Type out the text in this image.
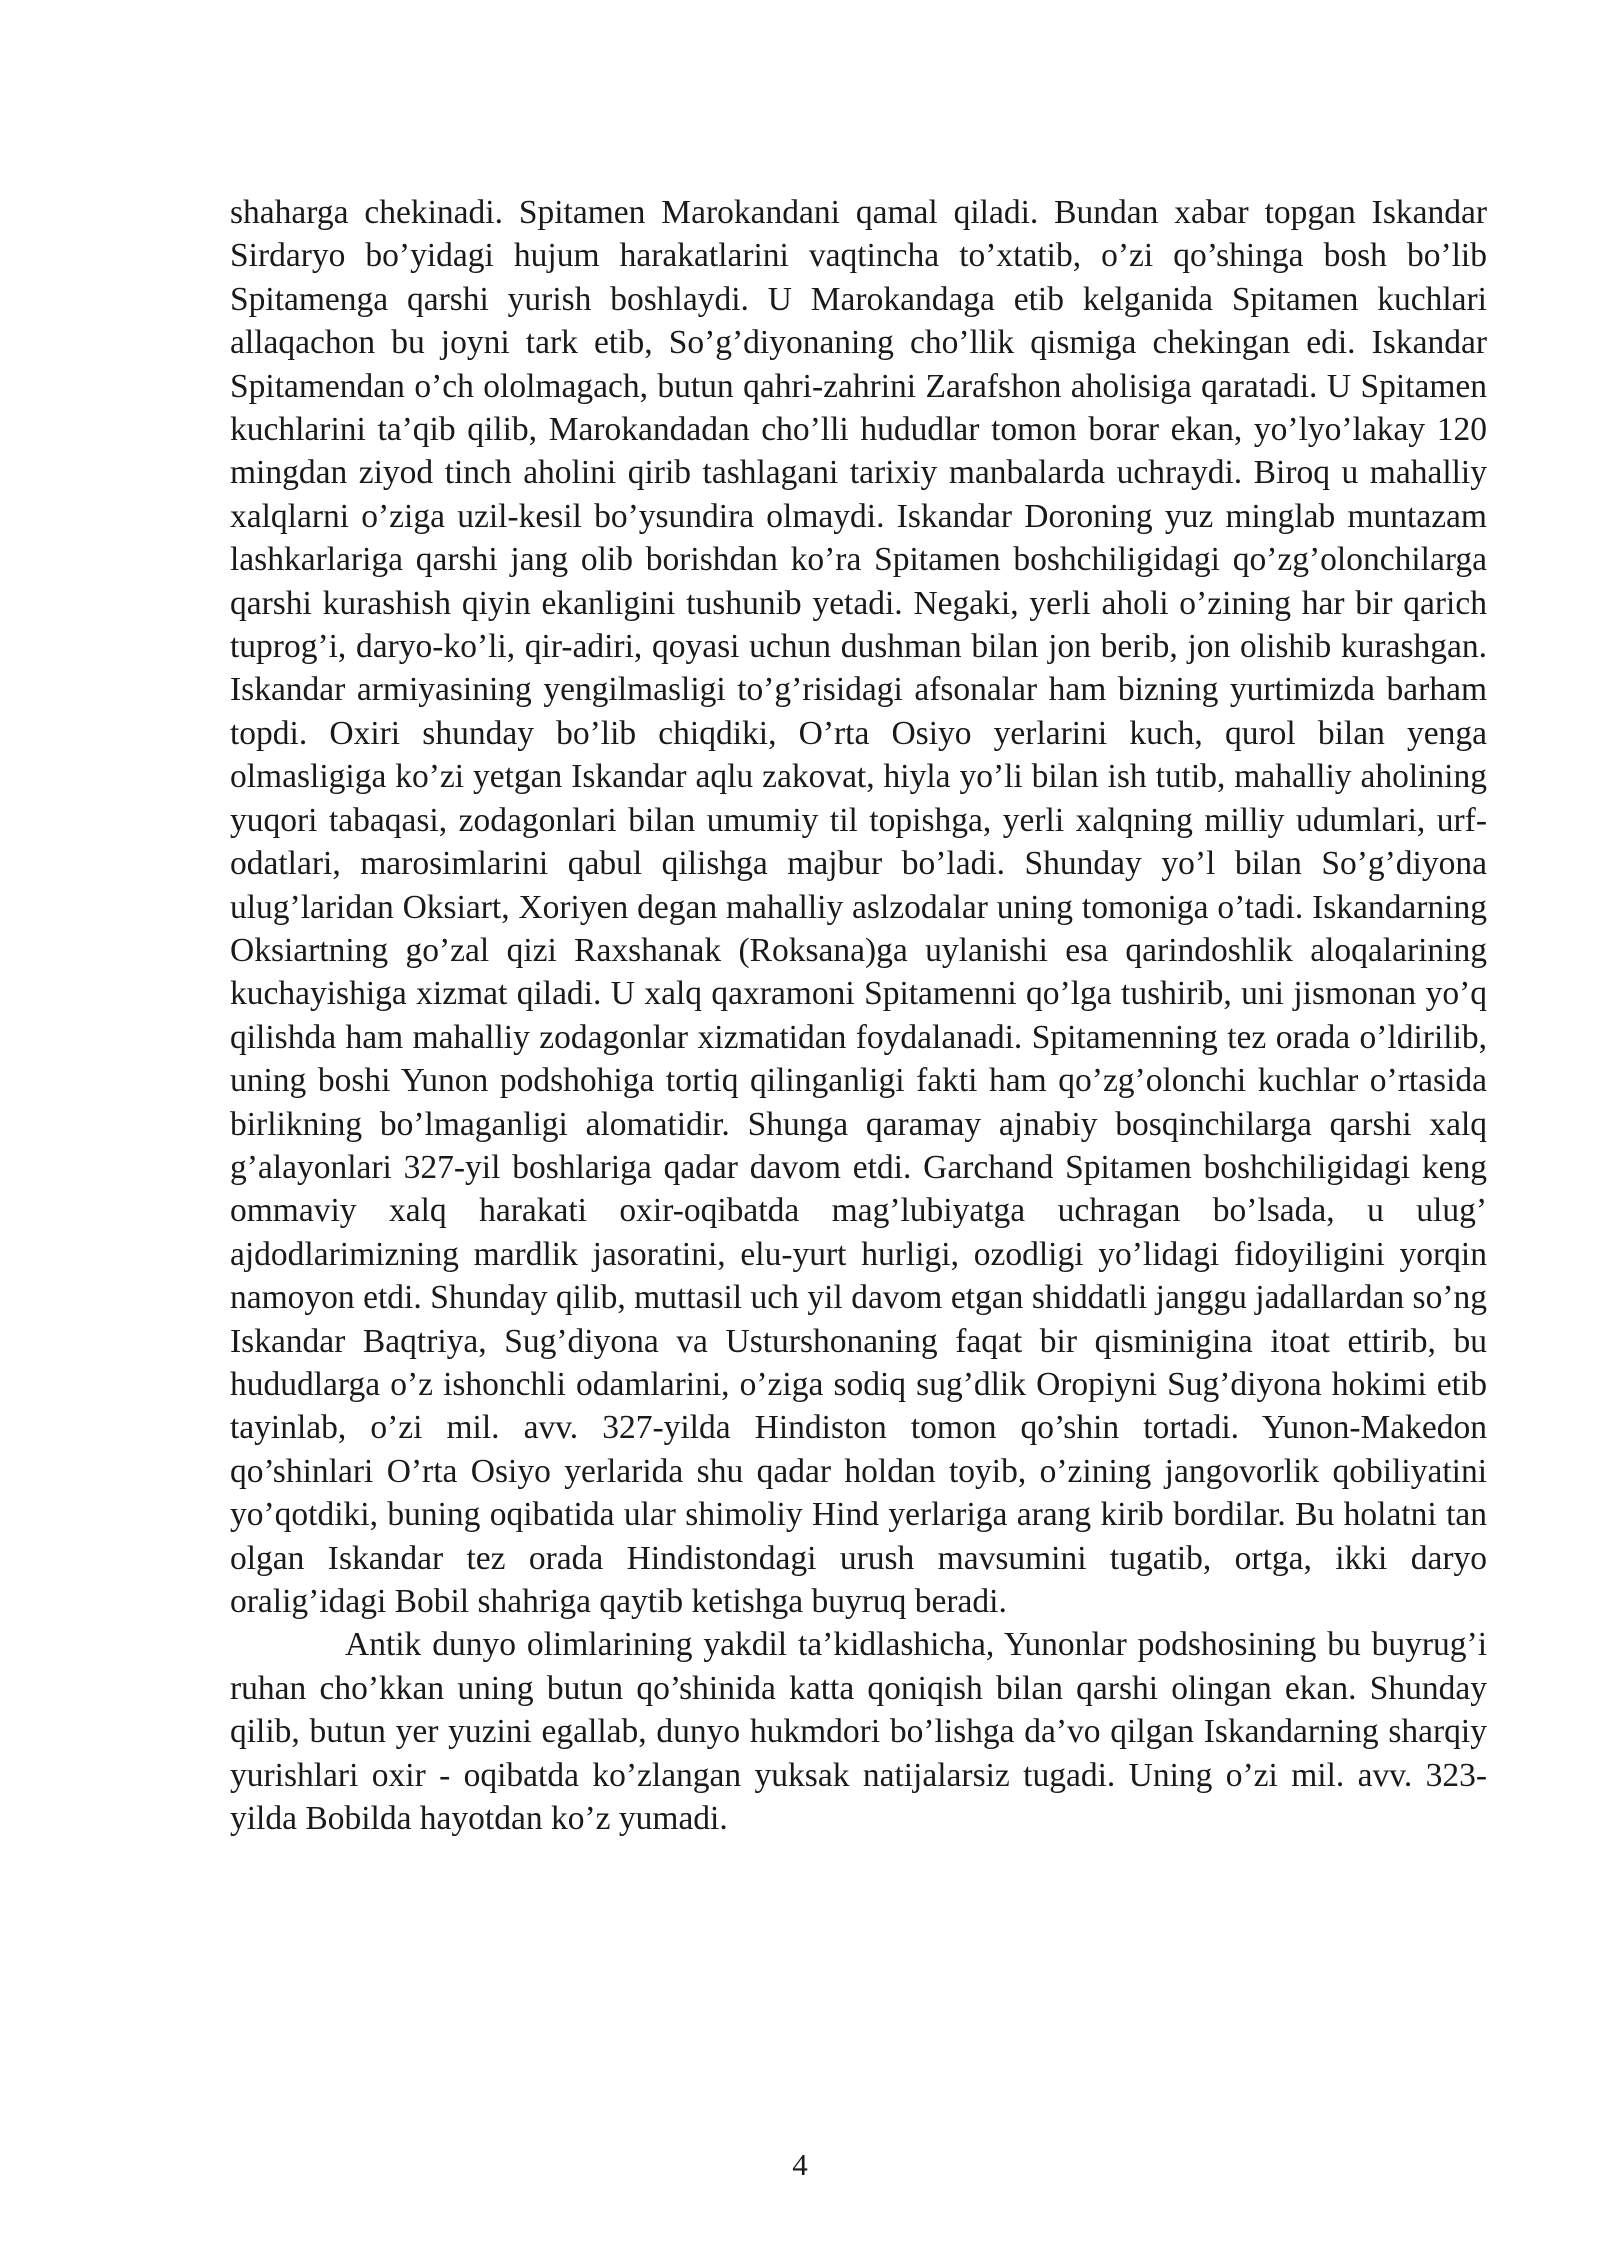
shaharga chekinadi. Spitamen Marokandani qamal qiladi. Bundan xabar topgan Iskandar Sirdaryo bo’yidagi hujum harakatlarini vaqtincha to’xtatib, o’zi qo’shinga bosh bo’lib Spitamenga qarshi yurish boshlaydi. U Marokandaga etib kelganida Spitamen kuchlari allaqachon bu joyni tark etib, So’g’diyonaning cho’llik qismiga chekingan edi. Iskandar Spitamendan o’ch ololmagach, butun qahri-zahrini Zarafshon aholisiga qaratadi. U Spitamen kuchlarini ta’qib qilib, Marokandadan cho’lli hududlar tomon borar ekan, yo’lyo’lakay 120 mingdan ziyod tinch aholini qirib tashlagani tarixiy manbalarda uchraydi. Biroq u mahalliy xalqlarni o’ziga uzil-kesil bo’ysundira olmaydi. Iskandar Doroning yuz minglab muntazam lashkarlariga qarshi jang olib borishdan ko’ra Spitamen boshchiligidagi qo’zg’olonchilarga qarshi kurashish qiyin ekanligini tushunib yetadi. Negaki, yerli aholi o’zining har bir qarich tuprog’i, daryo-ko’li, qir-adiri, qoyasi uchun dushman bilan jon berib, jon olishib kurashgan. Iskandar armiyasining yengilmasligi to’g’risidagi afsonalar ham bizning yurtimizda barham topdi. Oxiri shunday bo’lib chiqdiki, O’rta Osiyo yerlarini kuch, qurol bilan yenga olmasligiga ko’zi yetgan Iskandar aqlu zakovat, hiyla yo’li bilan ish tutib, mahalliy aholining yuqori tabaqasi, zodagonlari bilan umumiy til topishga, yerli xalqning milliy udumlari, urf-odatlari, marosimlarini qabul qilishga majbur bo’ladi. Shunday yo’l bilan So’g’diyona ulug’laridan Oksiart, Xoriyen degan mahalliy aslzodalar uning tomoniga o’tadi. Iskandarning Oksiartning go’zal qizi Raxshanak (Roksana)ga uylanishi esa qarindoshlik aloqalarining kuchayishiga xizmat qiladi. U xalq qaxramoni Spitamenni qo’lga tushirib, uni jismonan yo’q qilishda ham mahalliy zodagonlar xizmatidan foydalanadi. Spitamenning tez orada o’ldirilib, uning boshi Yunon podshohiga tortiq qilinganligi fakti ham qo’zg’olonchi kuchlar o’rtasida birlikning bo’lmaganligi alomatidir. Shunga qaramay ajnabiy bosqinchilarga qarshi xalq g’alayonlari 327-yil boshlariga qadar davom etdi. Garchand Spitamen boshchiligidagi keng ommaviy xalq harakati oxir-oqibatda mag’lubiyatga uchragan bo’lsada, u ulug’ ajdodlarimizning mardlik jasoratini, elu-yurt hurligi, ozodligi yo’lidagi fidoyiligini yorqin namoyon etdi. Shunday qilib, muttasil uch yil davom etgan shiddatli janggu jadallardan so’ng Iskandar Baqtriya, Sug’diyona va Usturshonaning faqat bir qisminigina itoat ettirib, bu hududlarga o’z ishonchli odamlarini, o’ziga sodiq sug’dlik Oropiyni Sug’diyona hokimi etib tayinlab, o’zi mil. avv. 327-yilda Hindiston tomon qo’shin tortadi. Yunon-Makedon qo’shinlari O’rta Osiyo yerlarida shu qadar holdan toyib, o’zining jangovorlik qobiliyatini yo’qotdiki, buning oqibatida ular shimoliy Hind yerlariga arang kirib bordilar. Bu holatni tan olgan Iskandar tez orada Hindistondagi urush mavsumini tugatib, ortga, ikki daryo oralig’idagi Bobil shahriga qaytib ketishga buyruq beradi.

Antik dunyo olimlarining yakdil ta’kidlashicha, Yunonlar podshosining bu buyrug’i ruhan cho’kkan uning butun qo’shinida katta qoniqish bilan qarshi olingan ekan. Shunday qilib, butun yer yuzini egallab, dunyo hukmdori bo’lishga da’vo qilgan Iskandarning sharqiy yurishlari oxir - oqibatda ko’zlangan yuksak natijalarsiz tugadi. Uning o’zi mil. avv. 323-yilda Bobilda hayotdan ko’z yumadi.

4
